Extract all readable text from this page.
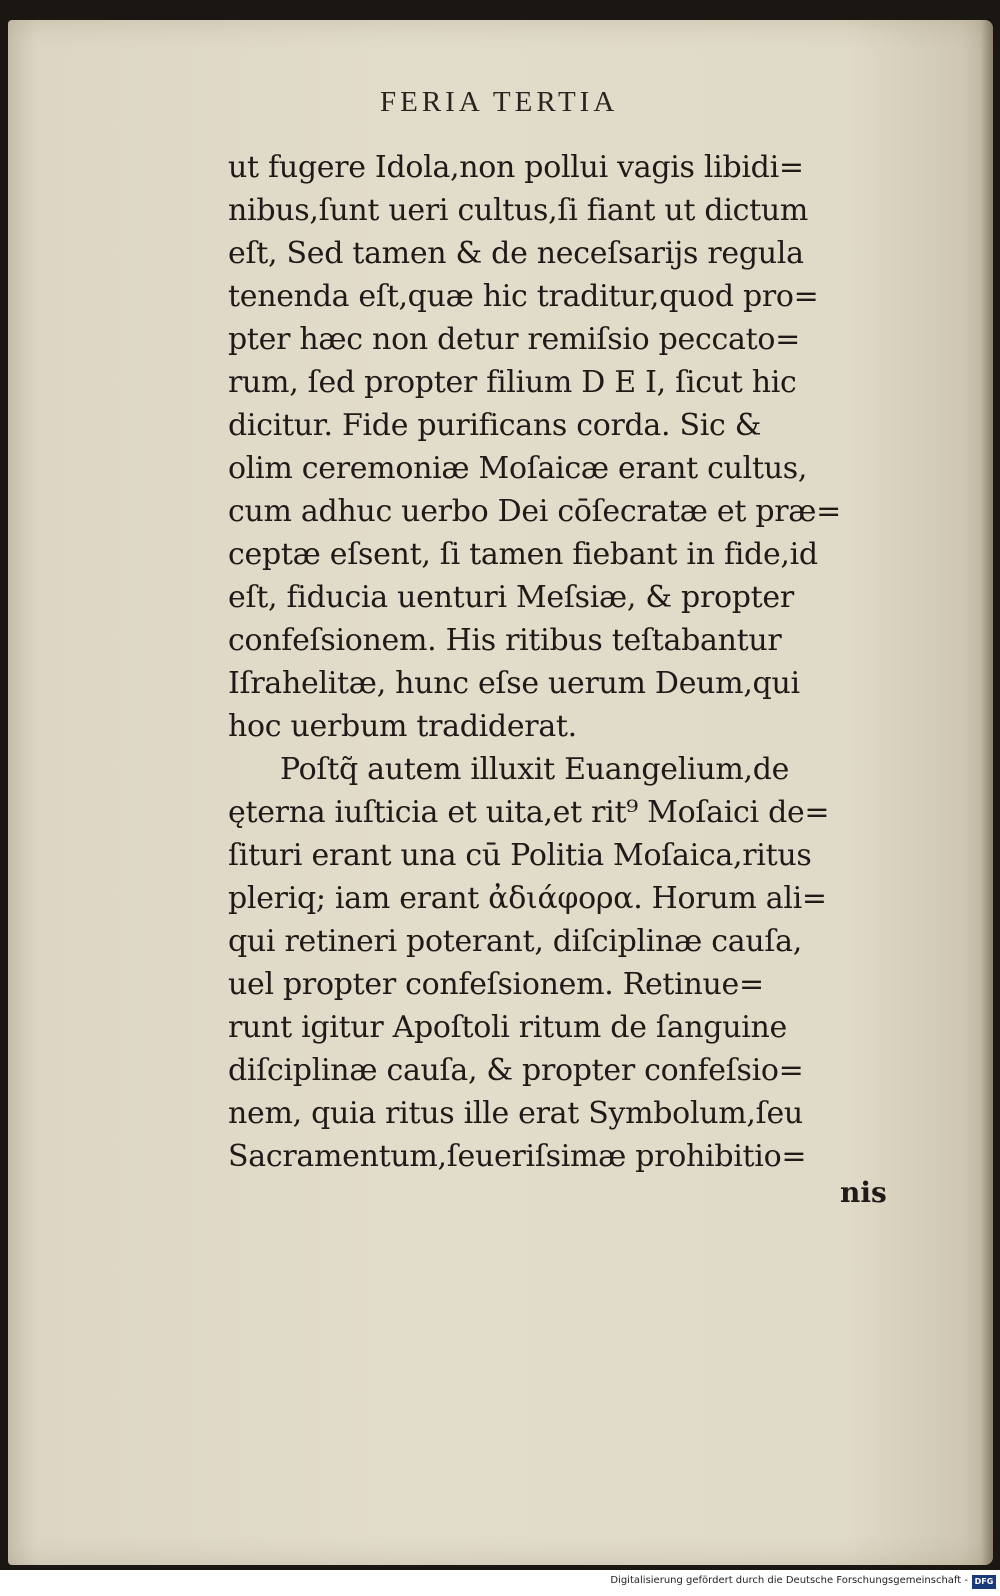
FERIA TERTIA
ut fugere Idola,non pollui vagis libidi=
nibus,ſunt ueri cultus,ſi fiant ut dictum
eſt, Sed tamen & de neceſsarijs regula
tenenda eſt,quæ hic traditur,quod pro=
pter hæc non detur remiſsio peccato=
rum, ſed propter filium D E I, ſicut hic
dicitur. Fide purificans corda. Sic &
olim ceremoniæ Moſaicæ erant cultus,
cum adhuc uerbo Dei cōſecratæ et præ=
ceptæ eſsent, ſi tamen fiebant in fide,id
eſt, fiducia uenturi Meſsiæ, & propter
confeſsionem. His ritibus teſtabantur
Iſrahelitæ, hunc eſse uerum Deum,qui
hoc uerbum tradiderat.
Poſtq̃ autem illuxit Euangelium,de
ęterna iuſticia et uita,et rit⁹ Moſaici de=
ſituri erant una cū Politia Moſaica,ritus
pleriq; iam erant ἀδιάφορα. Horum ali=
qui retineri poterant, diſciplinæ cauſa,
uel propter confeſsionem. Retinue=
runt igitur Apoſtoli ritum de ſanguine
diſciplinæ cauſa, & propter confeſsio=
nem, quia ritus ille erat Symbolum,ſeu
Sacramentum,ſeueriſsimæ prohibitio=
nis
Digitalisierung gefördert durch die Deutsche Forschungsgemeinschaft - DFG
